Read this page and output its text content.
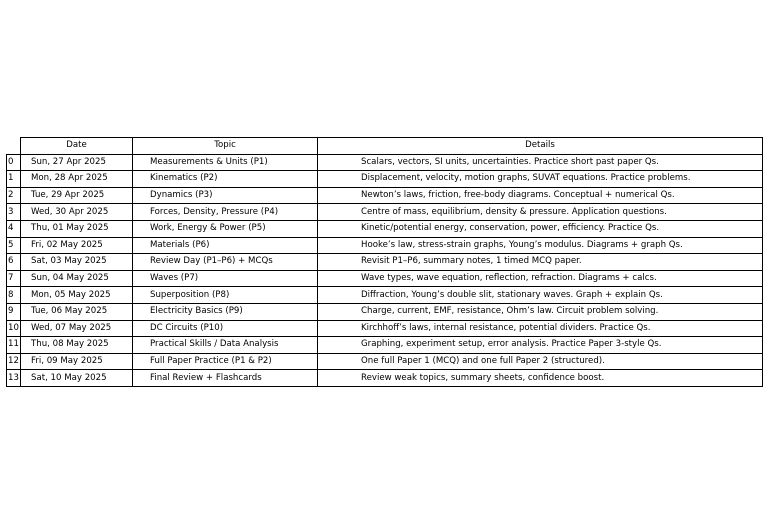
	Date	Topic	Details
0	Sun, 27 Apr 2025	Measurements & Units (P1)	Scalars, vectors, SI units, uncertainties. Practice short past paper Qs.
1	Mon, 28 Apr 2025	Kinematics (P2)	Displacement, velocity, motion graphs, SUVAT equations. Practice problems.
2	Tue, 29 Apr 2025	Dynamics (P3)	Newton’s laws, friction, free-body diagrams. Conceptual + numerical Qs.
3	Wed, 30 Apr 2025	Forces, Density, Pressure (P4)	Centre of mass, equilibrium, density & pressure. Application questions.
4	Thu, 01 May 2025	Work, Energy & Power (P5)	Kinetic/potential energy, conservation, power, efficiency. Practice Qs.
5	Fri, 02 May 2025	Materials (P6)	Hooke’s law, stress-strain graphs, Young’s modulus. Diagrams + graph Qs.
6	Sat, 03 May 2025	Review Day (P1–P6) + MCQs	Revisit P1–P6, summary notes, 1 timed MCQ paper.
7	Sun, 04 May 2025	Waves (P7)	Wave types, wave equation, reflection, refraction. Diagrams + calcs.
8	Mon, 05 May 2025	Superposition (P8)	Diffraction, Young’s double slit, stationary waves. Graph + explain Qs.
9	Tue, 06 May 2025	Electricity Basics (P9)	Charge, current, EMF, resistance, Ohm’s law. Circuit problem solving.
10	Wed, 07 May 2025	DC Circuits (P10)	Kirchhoff’s laws, internal resistance, potential dividers. Practice Qs.
11	Thu, 08 May 2025	Practical Skills / Data Analysis	Graphing, experiment setup, error analysis. Practice Paper 3-style Qs.
12	Fri, 09 May 2025	Full Paper Practice (P1 & P2)	One full Paper 1 (MCQ) and one full Paper 2 (structured).
13	Sat, 10 May 2025	Final Review + Flashcards	Review weak topics, summary sheets, confidence boost.
